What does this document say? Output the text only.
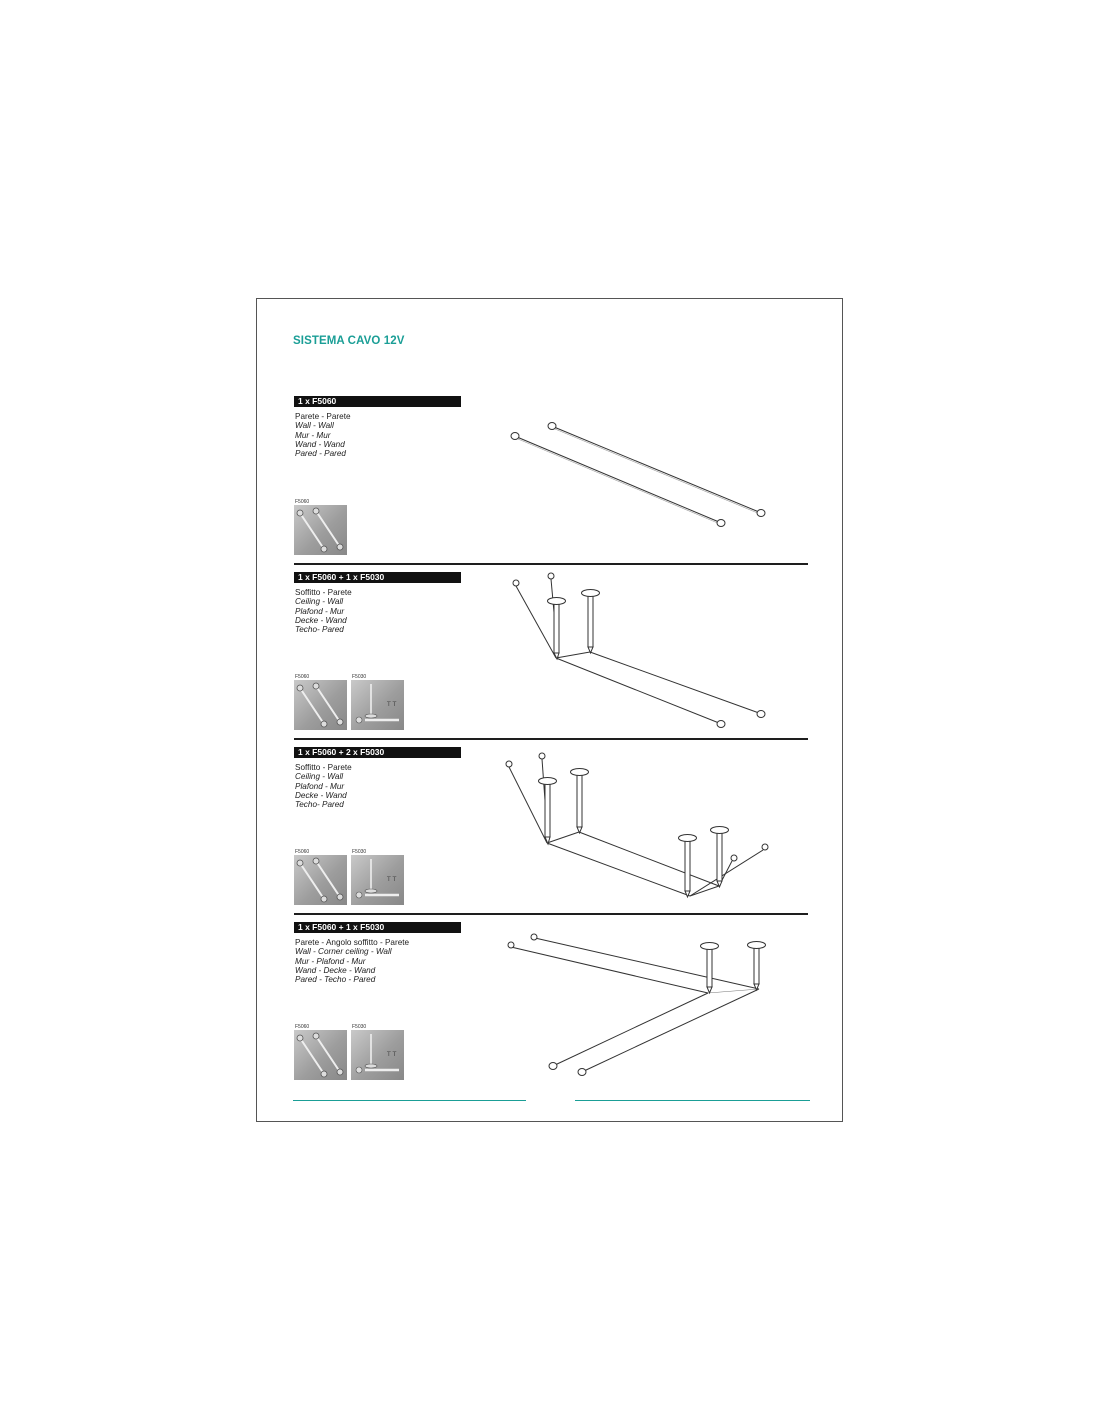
SISTEMA CAVO 12V
1 x F5060
Parete - Parete
Wall - Wall
Mur - Mur
Wand - Wand
Pared - Pared
F5060
1 x F5060 + 1 x F5030
Soffitto - Parete
Ceiling - Wall
Plafond - Mur
Decke - Wand
Techo- Pared
F5060	F5030
T T
1 x F5060 + 2 x F5030
Soffitto - Parete
Ceiling - Wall
Plafond - Mur
Decke - Wand
Techo- Pared
F5060	F5030
T T
1 x F5060 + 1 x F5030
Parete - Angolo soffitto - Parete
Wall - Corner ceiling - Wall
Mur - Plafond - Mur
Wand - Decke - Wand
Pared - Techo - Pared
F5060	F5030
T T
